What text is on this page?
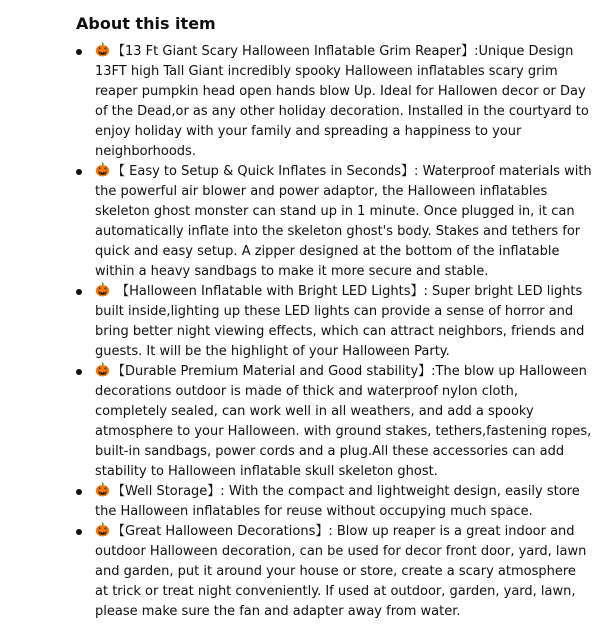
About this item
【13 Ft Giant Scary Halloween Inflatable Grim Reaper】:Unique Design 13FT high Tall Giant incredibly spooky Halloween inflatables scary grim reaper pumpkin head open hands blow Up. Ideal for Hallowen decor or Day of the Dead,or as any other holiday decoration. Installed in the courtyard to enjoy holiday with your family and spreading a happiness to your neighborhoods.
【 Easy to Setup & Quick Inflates in Seconds】: Waterproof materials with the powerful air blower and power adaptor, the Halloween inflatables skeleton ghost monster can stand up in 1 minute. Once plugged in, it can automatically inflate into the skeleton ghost's body. Stakes and tethers for quick and easy setup. A zipper designed at the bottom of the inflatable within a heavy sandbags to make it more secure and stable.
【Halloween Inflatable with Bright LED Lights】: Super bright LED lights built inside,lighting up these LED lights can provide a sense of horror and bring better night viewing effects, which can attract neighbors, friends and guests. It will be the highlight of your Halloween Party.
【Durable Premium Material and Good stability】:The blow up Halloween decorations outdoor is made of thick and waterproof nylon cloth, completely sealed, can work well in all weathers, and add a spooky atmosphere to your Halloween. with ground stakes, tethers,fastening ropes, built-in sandbags, power cords and a plug.All these accessories can add stability to Halloween inflatable skull skeleton ghost.
【Well Storage】: With the compact and lightweight design, easily store the Halloween inflatables for reuse without occupying much space.
【Great Halloween Decorations】: Blow up reaper is a great indoor and outdoor Halloween decoration, can be used for decor front door, yard, lawn and garden, put it around your house or store, create a scary atmosphere at trick or treat night conveniently. If used at outdoor, garden, yard, lawn, please make sure the fan and adapter away from water.
